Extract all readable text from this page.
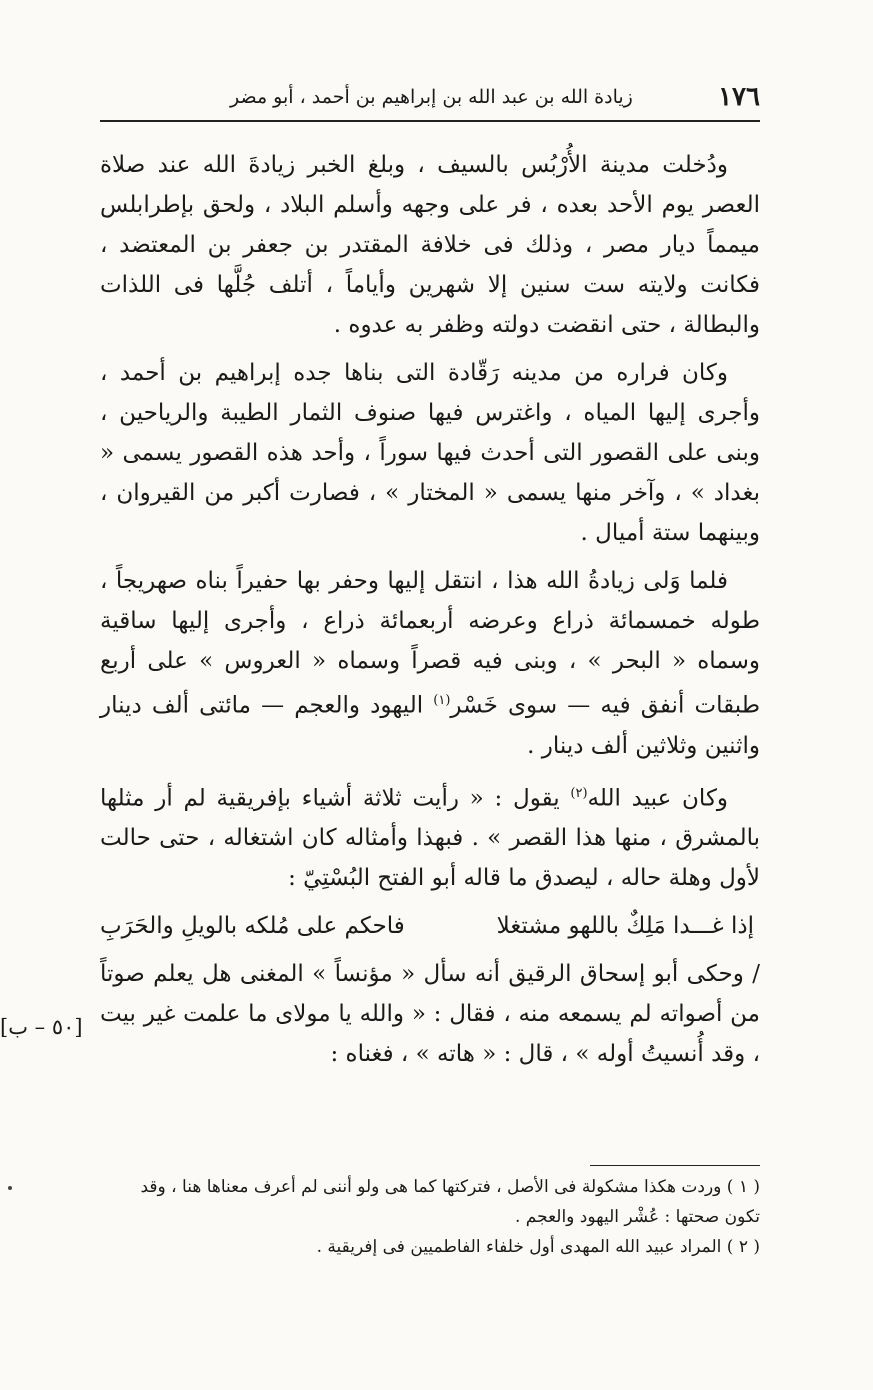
١٧٦
زيادة الله بن عبد الله بن إبراهيم بن أحمد ، أبو مضر

ودُخلت مدينة الأُرْبُس بالسيف ، وبلغ الخبر زيادةَ الله عند صلاة العصر يوم الأحد بعده ، فر على وجهه وأسلم البلاد ، ولحق بإطرابلس ميمماً ديار مصر ، وذلك فى خلافة المقتدر بن جعفر بن المعتضد ، فكانت ولايته ست سنين إلا شهرين وأياماً ، أتلف جُلَّها فى اللذات والبطالة ، حتى انقضت دولته وظفر به عدوه .

وكان فراره من مدينه رَقّادة التى بناها جده إبراهيم بن أحمد ، وأجرى إليها المياه ، واغترس فيها صنوف الثمار الطيبة والرياحين ، وبنى على القصور التى أحدث فيها سوراً ، وأحد هذه القصور يسمى « بغداد » ، وآخر منها يسمى « المختار » ، فصارت أكبر من القيروان ، وبينهما ستة أميال .

فلما وَلى زيادةُ الله هذا ، انتقل إليها وحفر بها حفيراً بناه صهريجاً ، طوله خمسمائة ذراع وعرضه أربعمائة ذراع ، وأجرى إليها ساقية وسماه « البحر » ، وبنى فيه قصراً وسماه « العروس » على أربع طبقات أنفق فيه — سوى خَسْر$^{(١)}$ اليهود والعجم — مائتى ألف دينار واثنين وثلاثين ألف دينار .

وكان عبيد الله$^{(٢)}$ يقول : « رأيت ثلاثة أشياء بإفريقية لم أر مثلها بالمشرق ، منها هذا القصر » . فبهذا وأمثاله كان اشتغاله ، حتى حالت لأول وهلة حاله ، ليصدق ما قاله أبو الفتح البُسْتِيّ :

إذا غـــدا مَلِكٌ باللهو مشتغلا
فاحكم على مُلكه بالويلِ والحَرَبِ

/ وحكى أبو إسحاق الرقيق أنه سأل « مؤنساً » المغنى هل يعلم صوتاً من أصواته لم يسمعه منه ، فقال : « والله يا مولاى ما علمت غير بيت ، وقد أُنسيتُ أوله » ، قال : « هاته » ، فغناه :

[٥٠ – ب]

( ١ ) وردت هكذا مشكولة فى الأصل ، فتركتها كما هى ولو أننى لم أعرف معناها هنا ، وقد تكون صحتها : عُشْر اليهود والعجم .

( ٢ ) المراد عبيد الله المهدى أول خلفاء الفاطميين فى إفريقية .
